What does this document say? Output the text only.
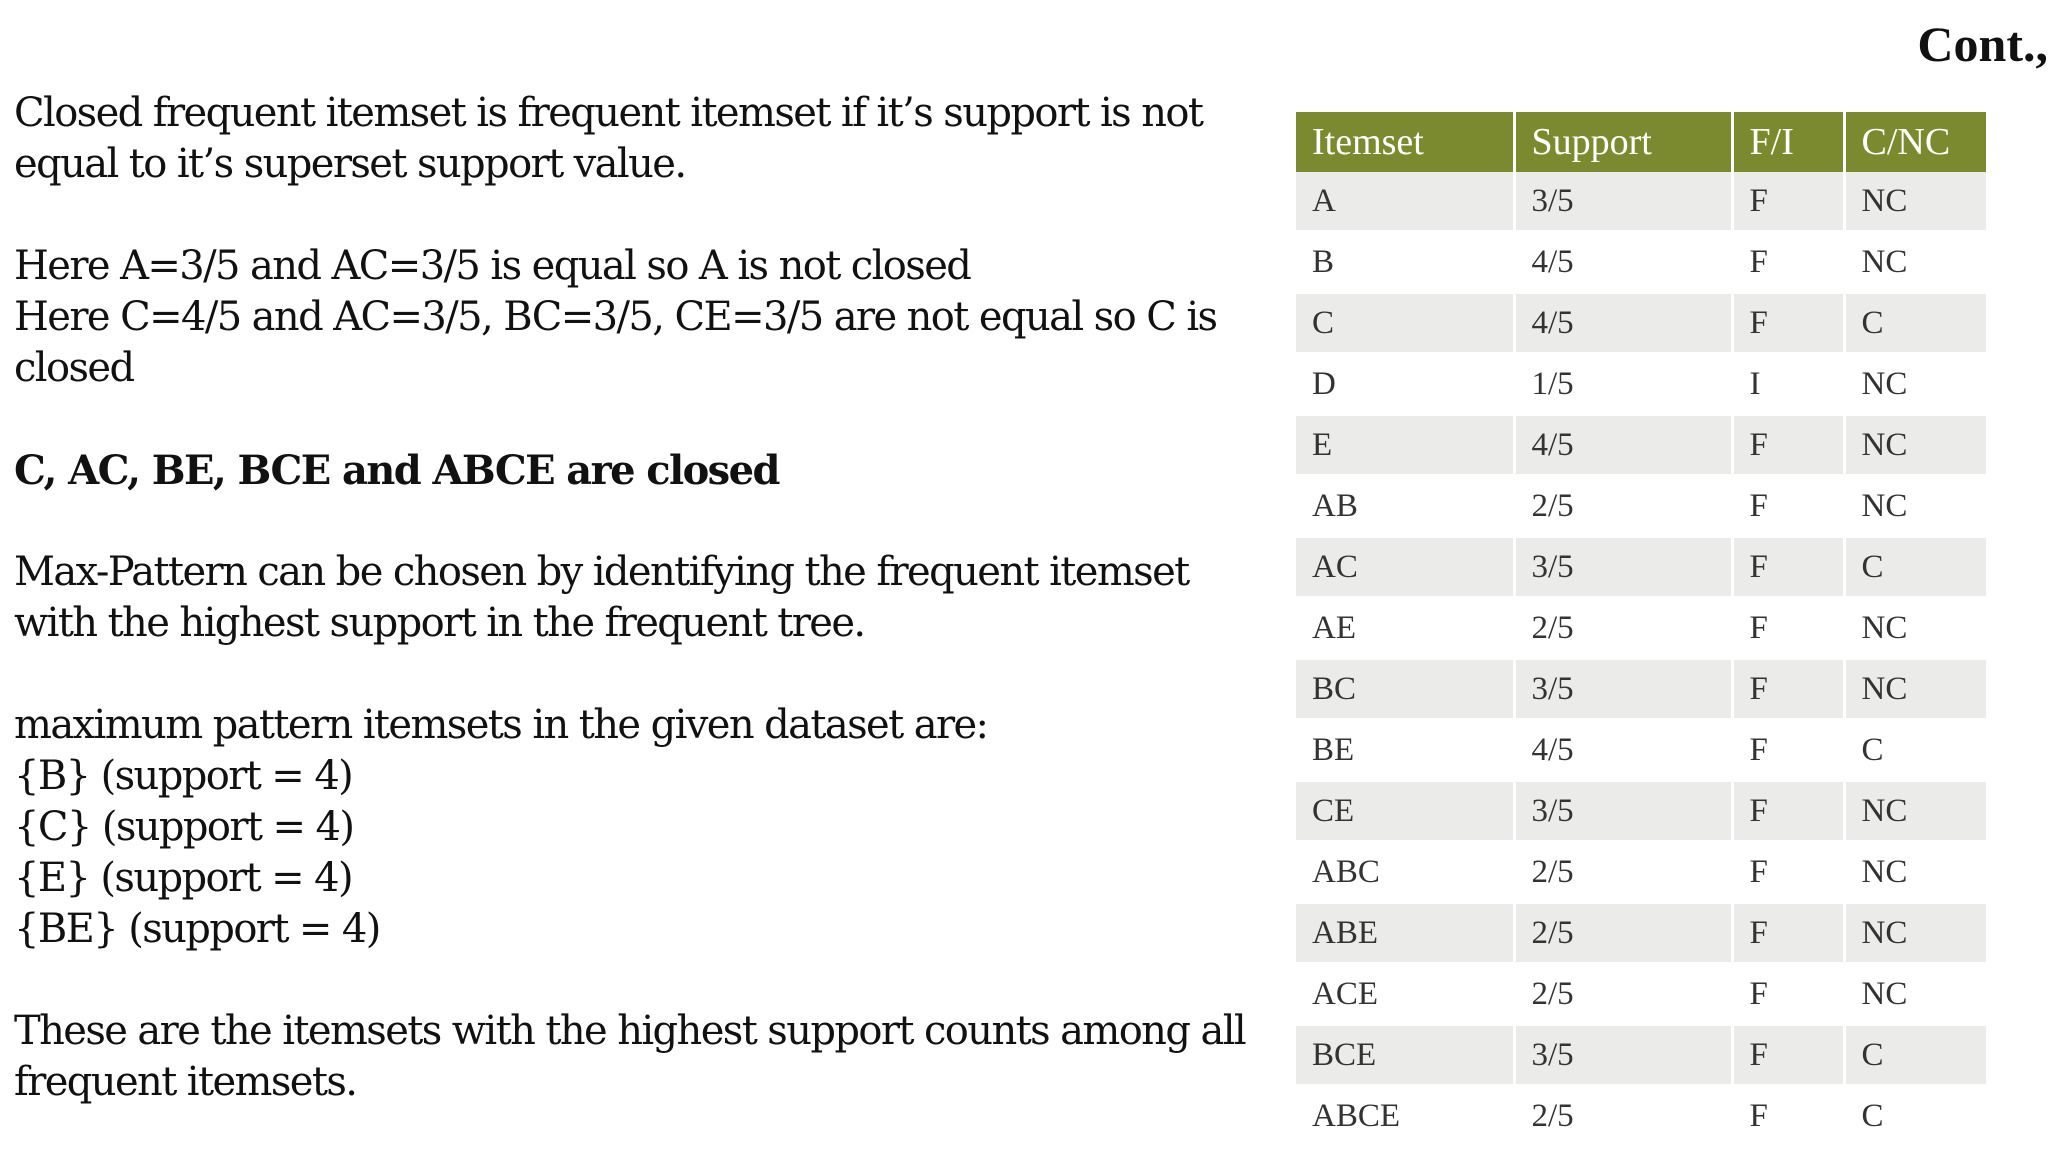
Cont.,

Closed frequent itemset is frequent itemset if it’s support is not
equal to it’s superset support value.

Here A=3/5 and AC=3/5 is equal so A is not closed
Here C=4/5 and AC=3/5, BC=3/5, CE=3/5 are not equal so C is
closed

C, AC, BE, BCE and ABCE are closed

Max-Pattern can be chosen by identifying the frequent itemset
with the highest support in the frequent tree.

maximum pattern itemsets in the given dataset are:
{B} (support = 4)
{C} (support = 4)
{E} (support = 4)
{BE} (support = 4)

These are the itemsets with the highest support counts among all
frequent itemsets.

Itemset	Support	F/I	C/NC
A	3/5	F	NC
B	4/5	F	NC
C	4/5	F	C
D	1/5	I	NC
E	4/5	F	NC
AB	2/5	F	NC
AC	3/5	F	C
AE	2/5	F	NC
BC	3/5	F	NC
BE	4/5	F	C
CE	3/5	F	NC
ABC	2/5	F	NC
ABE	2/5	F	NC
ACE	2/5	F	NC
BCE	3/5	F	C
ABCE	2/5	F	C
